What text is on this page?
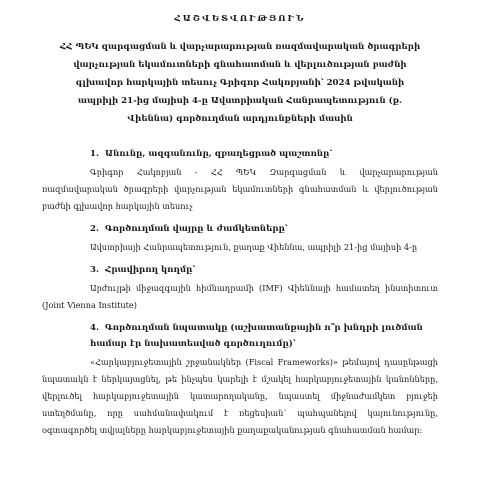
ՀԱՇՎԵՏՎՈՒԹՅՈՒՆ
ՀՀ ՊԵԿ զարգացման և վարչարարության ռազմավարական ծրագրերի վարչության եկամուտների գնահատման և վերլուծության բաժնի գլխավոր հարկային տեսուչ Գրիգոր Հակոբյանի՝ 2024 թվականի ապրիլի 21-ից մայիսի 4-ը Ավստրիական Հանրապետություն (ք. Վիեննա) գործուղման արդյունքների մասին
1. Անունը, ազգանունը, զբաղեցրած պաշտոնը՝

Գրիգոր Հակոբյան - ՀՀ ՊԵԿ Զարգացման և վարչարարության ռազմավարական ծրագրերի վարչության եկամուտների գնահատման և վերլուծության բաժնի գլխավոր հարկային տեսուչ

2. Գործուղման վայրը և ժամկետները՝

Ավստրիայի Հանրապետություն, քաղաք Վիեննա, ապրիլի 21-ից մայիսի 4-ը

3. Հրավիրող կողմը՝

Արժույթի միջազգային հիմնադրամի (IMF) Վիեննայի համատեղ ինստիտուտ (Joint Vienna Institute)

4. Գործուղման նպատակը (աշխատանքային ո՞ր խնդրի լուծման համար էր նախատեսված գործուղումը)՝

«Հարկաբյուջետային շրջանակներ (Fiscal Frameworks)» թեմայով դասընթացի նպատակն է ներկայացնել, թե ինչպես կարելի է մշակել հարկաբյուջետային կանոնները, վերլուծել հարկաբյուջետային կատարողականը, նպաստել միջնաժամկետ բյուջեի ստեղծմանը, որը սահմանափակում է ռեցեսիան՝ պահպանելով կայունությունը, օգտագործել տվյալները հարկաբյուջետային քաղաքականության գնահատման համար:
